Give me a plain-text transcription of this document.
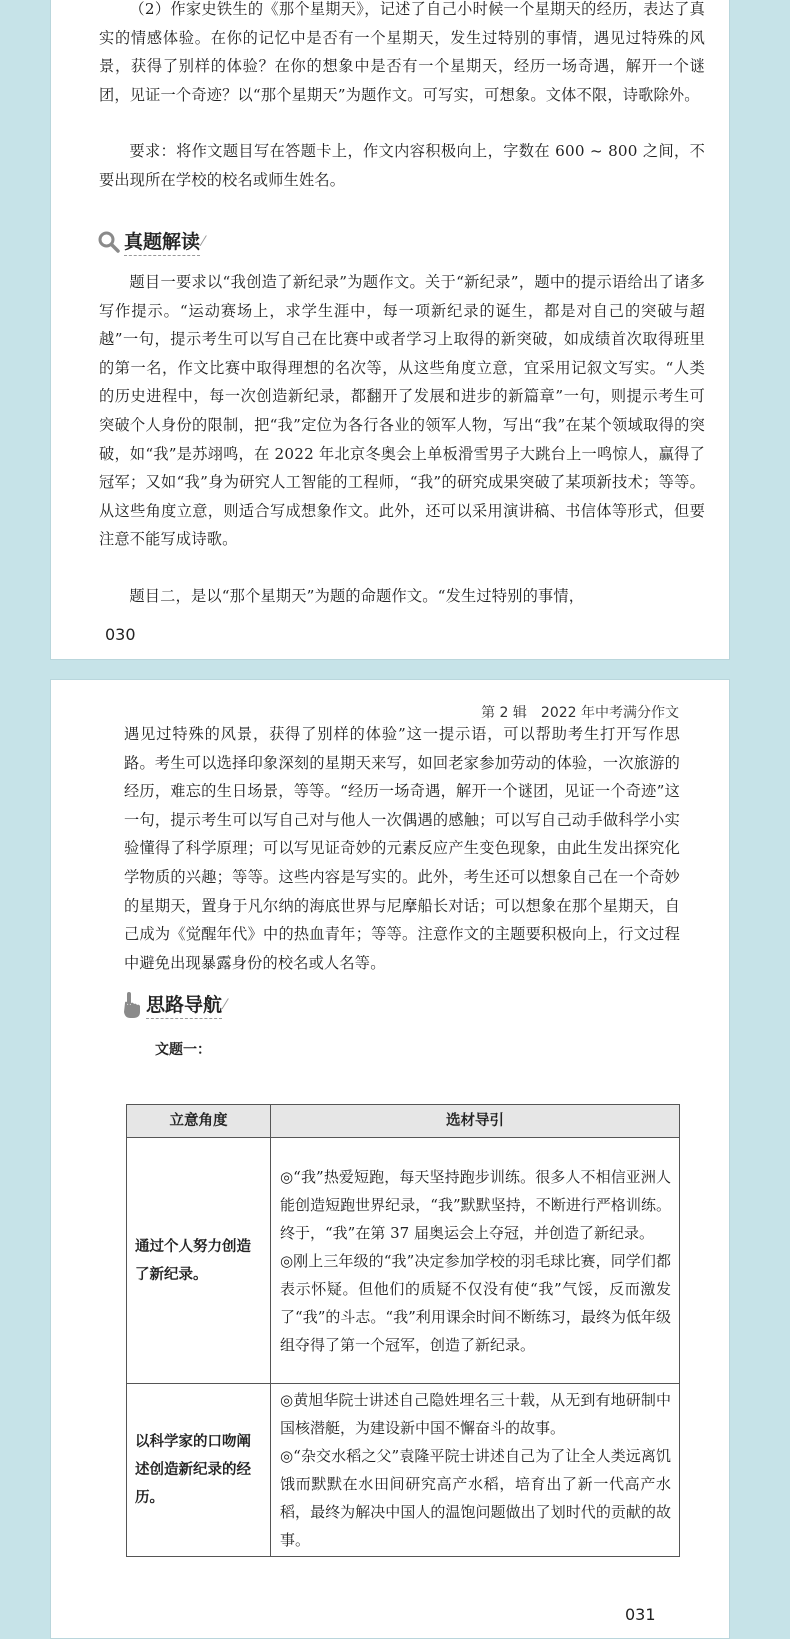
（2）作家史铁生的《那个星期天》，记述了自己小时候一个星期天的经历，表达了真实的情感体验。在你的记忆中是否有一个星期天，发生过特别的事情，遇见过特殊的风景，获得了别样的体验？在你的想象中是否有一个星期天，经历一场奇遇，解开一个谜团，见证一个奇迹？以“那个星期天”为题作文。可写实，可想象。文体不限，诗歌除外。

要求：将作文题目写在答题卡上，作文内容积极向上，字数在 600 ~ 800 之间，不要出现所在学校的校名或师生姓名。

真题解读 ⁄

题目一要求以“我创造了新纪录”为题作文。关于“新纪录”，题中的提示语给出了诸多写作提示。“运动赛场上，求学生涯中，每一项新纪录的诞生，都是对自己的突破与超越”一句，提示考生可以写自己在比赛中或者学习上取得的新突破，如成绩首次取得班里的第一名，作文比赛中取得理想的名次等，从这些角度立意，宜采用记叙文写实。“人类的历史进程中，每一次创造新纪录，都翻开了发展和进步的新篇章”一句，则提示考生可突破个人身份的限制，把“我”定位为各行各业的领军人物，写出“我”在某个领域取得的突破，如“我”是苏翊鸣，在 2022 年北京冬奥会上单板滑雪男子大跳台上一鸣惊人，赢得了冠军；又如“我”身为研究人工智能的工程师，“我”的研究成果突破了某项新技术；等等。从这些角度立意，则适合写成想象作文。此外，还可以采用演讲稿、书信体等形式，但要注意不能写成诗歌。

题目二，是以“那个星期天”为题的命题作文。“发生过特别的事情，

030
第 2 辑　2022 年中考满分作文

遇见过特殊的风景，获得了别样的体验”这一提示语，可以帮助考生打开写作思路。考生可以选择印象深刻的星期天来写，如回老家参加劳动的体验，一次旅游的经历，难忘的生日场景，等等。“经历一场奇遇，解开一个谜团，见证一个奇迹”这一句，提示考生可以写自己对与他人一次偶遇的感触；可以写自己动手做科学小实验懂得了科学原理；可以写见证奇妙的元素反应产生变色现象，由此生发出探究化学物质的兴趣；等等。这些内容是写实的。此外，考生还可以想象自己在一个奇妙的星期天，置身于凡尔纳的海底世界与尼摩船长对话；可以想象在那个星期天，自己成为《觉醒年代》中的热血青年；等等。注意作文的主题要积极向上，行文过程中避免出现暴露身份的校名或人名等。

思路导航 ⁄
文题一：
立意角度	选材导引
通过个人努力创造了新纪录。	◎“我”热爱短跑，每天坚持跑步训练。很多人不相信亚洲人能创造短跑世界纪录，“我”默默坚持，不断进行严格训练。终于，“我”在第 37 届奥运会上夺冠，并创造了新纪录。

◎刚上三年级的“我”决定参加学校的羽毛球比赛，同学们都表示怀疑。但他们的质疑不仅没有使“我”气馁，反而激发了“我”的斗志。“我”利用课余时间不断练习，最终为低年级组夺得了第一个冠军，创造了新纪录。

以科学家的口吻阐述创造新纪录的经历。	◎黄旭华院士讲述自己隐姓埋名三十载，从无到有地研制中国核潜艇，为建设新中国不懈奋斗的故事。

◎“杂交水稻之父”袁隆平院士讲述自己为了让全人类远离饥饿而默默在水田间研究高产水稻，培育出了新一代高产水稻，最终为解决中国人的温饱问题做出了划时代的贡献的故事。

031
